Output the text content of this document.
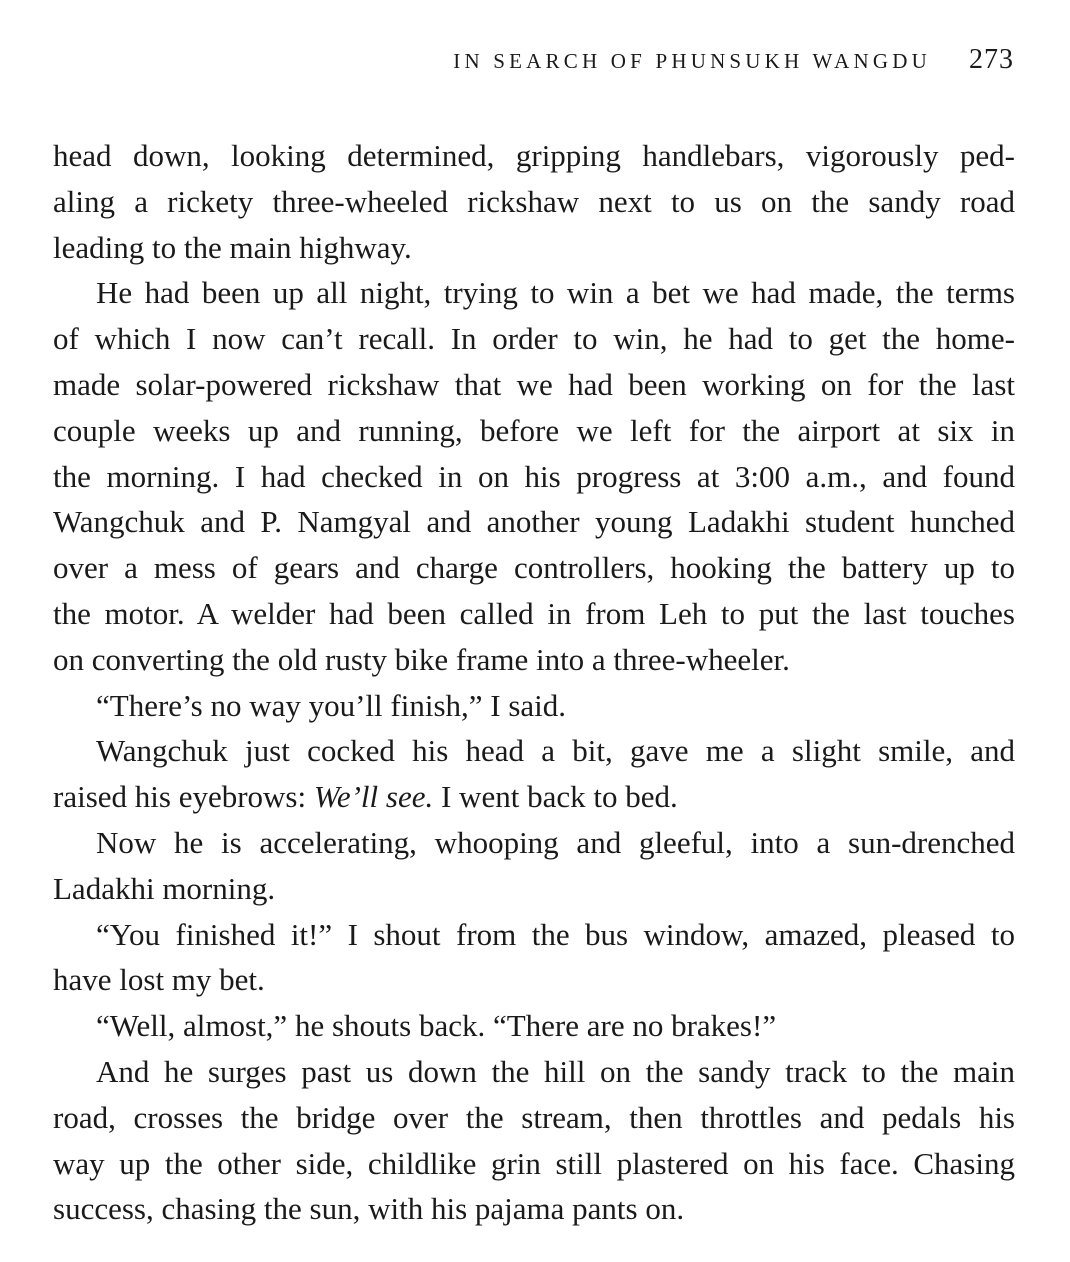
IN SEARCH OF PHUNSUKH WANGDU 273
head down, looking determined, gripping handlebars, vigorously ped-
aling a rickety three-wheeled rickshaw next to us on the sandy road
leading to the main highway.
He had been up all night, trying to win a bet we had made, the terms
of which I now can’t recall. In order to win, he had to get the home-
made solar-powered rickshaw that we had been working on for the last
couple weeks up and running, before we left for the airport at six in
the morning. I had checked in on his progress at 3:00 a.m., and found
Wangchuk and P. Namgyal and another young Ladakhi student hunched
over a mess of gears and charge controllers, hooking the battery up to
the motor. A welder had been called in from Leh to put the last touches
on converting the old rusty bike frame into a three-wheeler.
“There’s no way you’ll finish,” I said.
Wangchuk just cocked his head a bit, gave me a slight smile, and
raised his eyebrows: We’ll see. I went back to bed.
Now he is accelerating, whooping and gleeful, into a sun-drenched
Ladakhi morning.
“You finished it!” I shout from the bus window, amazed, pleased to
have lost my bet.
“Well, almost,” he shouts back. “There are no brakes!”
And he surges past us down the hill on the sandy track to the main
road, crosses the bridge over the stream, then throttles and pedals his
way up the other side, childlike grin still plastered on his face. Chasing
success, chasing the sun, with his pajama pants on.
